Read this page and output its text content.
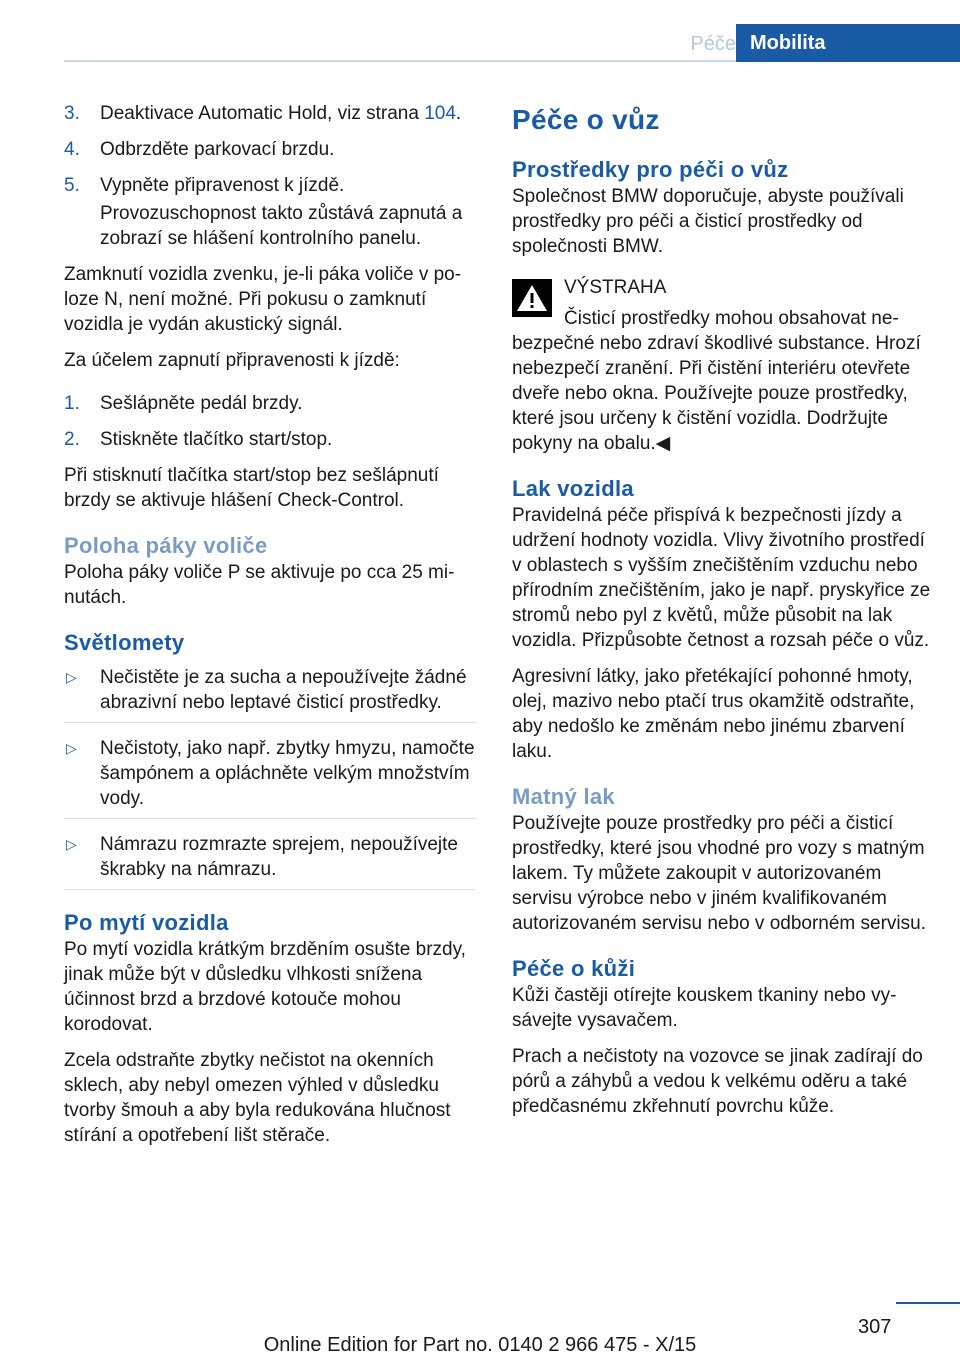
Péče Mobilita
3. Deaktivace Automatic Hold, viz strana 104.
4. Odbrzděte parkovací brzdu.
5. Vypněte připravenost k jízdě.
Provozuschopnost takto zůstává zapnutá a zobrazí se hlášení kontrolního panelu.

Zamknutí vozidla zvenku, je-li páka voliče v poloze N, není možné. Při pokusu o zamknutí vozidla je vydán akustický signál.

Za účelem zapnutí připravenosti k jízdě:

1. Sešlápněte pedál brzdy.
2. Stiskněte tlačítko start/stop.

Při stisknutí tlačítka start/stop bez sešlápnutí brzdy se aktivuje hlášení Check-Control.

Poloha páky voliče

Poloha páky voliče P se aktivuje po cca 25 minutách.

Světlomety
▷ Nečistěte je za sucha a nepoužívejte žádné abrazivní nebo leptavé čisticí prostředky.
▷ Nečistoty, jako např. zbytky hmyzu, namočte šampónem a opláchněte velkým množstvím vody.
▷ Námrazu rozmrazte sprejem, nepoužívejte škrabky na námrazu.
Po mytí vozidla

Po mytí vozidla krátkým brzděním osušte brzdy, jinak může být v důsledku vlhkosti snížena účinnost brzd a brzdové kotouče mohou korodovat.

Zcela odstraňte zbytky nečistot na okenních sklech, aby nebyl omezen výhled v důsledku tvorby šmouh a aby byla redukována hlučnost stírání a opotřebení lišt stěrače.

Péče o vůz
Prostředky pro péči o vůz

Společnost BMW doporučuje, abyste používali prostředky pro péči a čisticí prostředky od společnosti BMW.

VÝSTRAHA
Čisticí prostředky mohou obsahovat nebezpečné nebo zdraví škodlivé substance. Hrozí nebezpečí zranění. Při čistění interiéru otevřete dveře nebo okna. Používejte pouze prostředky, které jsou určeny k čistění vozidla. Dodržujte pokyny na obalu.◀
Lak vozidla

Pravidelná péče přispívá k bezpečnosti jízdy a udržení hodnoty vozidla. Vlivy životního prostředí v oblastech s vyšším znečištěním vzduchu nebo přírodním znečištěním, jako je např. pryskyřice ze stromů nebo pyl z květů, může působit na lak vozidla. Přizpůsobte četnost a rozsah péče o vůz.

Agresivní látky, jako přetékající pohonné hmoty, olej, mazivo nebo ptačí trus okamžitě odstraňte, aby nedošlo ke změnám nebo jinému zbarvení laku.

Matný lak

Používejte pouze prostředky pro péči a čisticí prostředky, které jsou vhodné pro vozy s matným lakem. Ty můžete zakoupit v autorizovaném servisu výrobce nebo v jiném kvalifikovaném autorizovaném servisu nebo v odborném servisu.

Péče o kůži

Kůži častěji otírejte kouskem tkaniny nebo vysávejte vysavačem.

Prach a nečistoty na vozovce se jinak zadírají do pórů a záhybů a vedou k velkému oděru a také předčasnému zkřehnutí povrchu kůže.

307
Online Edition for Part no. 0140 2 966 475 - X/15
